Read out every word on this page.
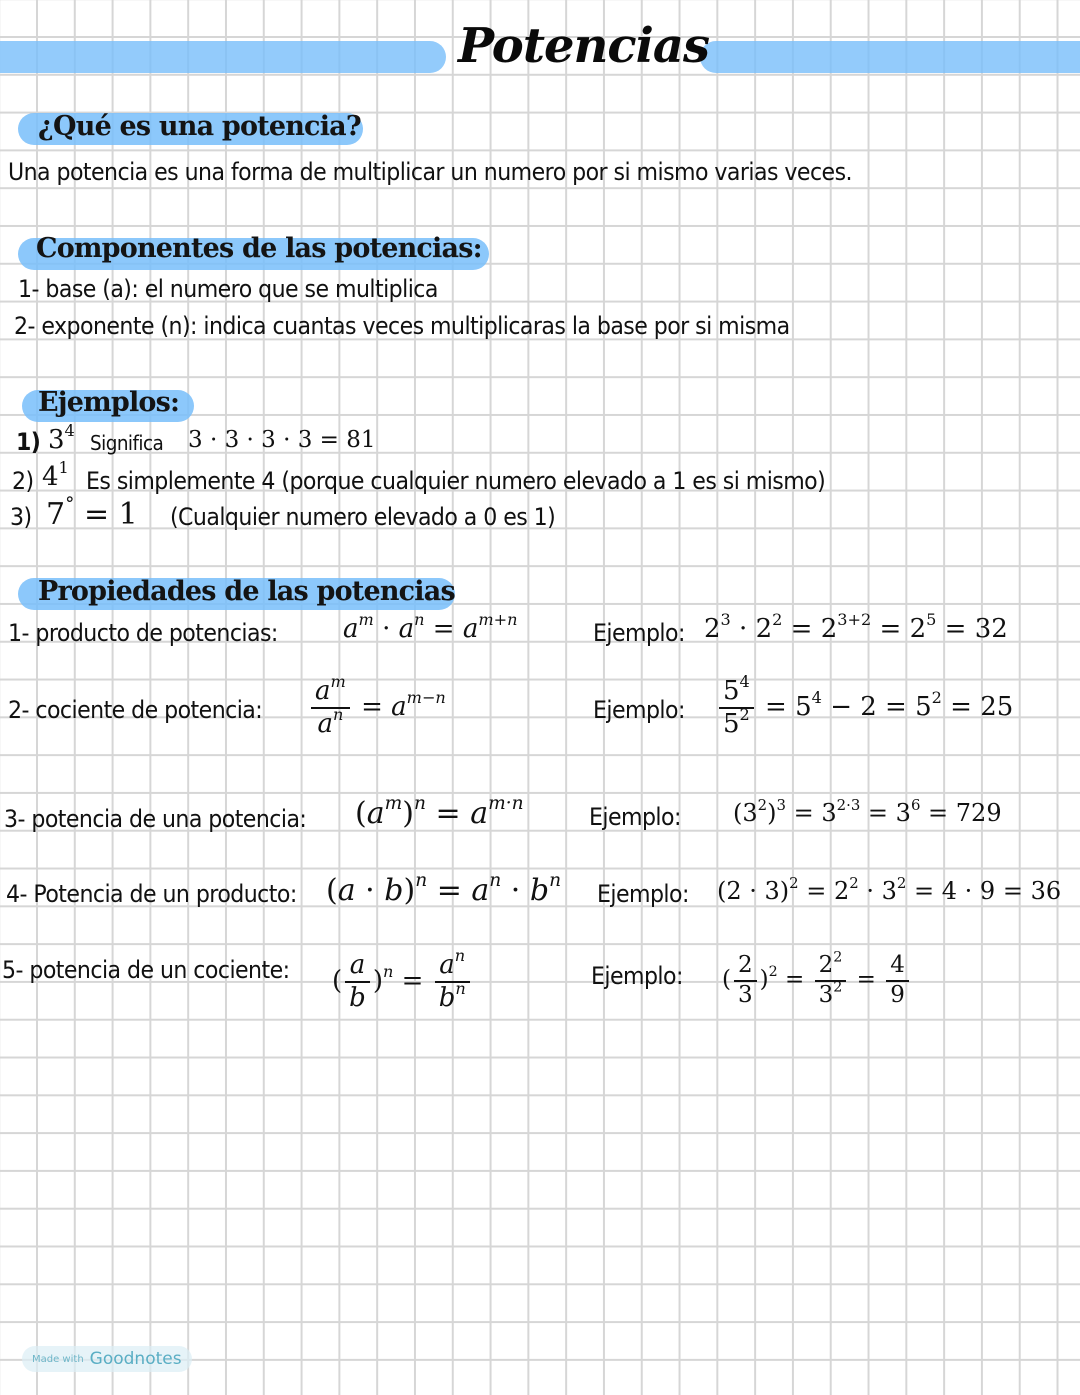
Potencias
¿Qué es una potencia?
Una potencia es una forma de multiplicar un numero por si mismo varias veces.
Componentes de las potencias:
1- base (a): el numero que se multiplica
2- exponente (n): indica cuantas veces multiplicaras la base por si misma
Ejemplos:
1) $3^4$
Significa 3 · 3 · 3 · 3 = 81
2) $4^1$ Es simplemente 4 (porque cualquier numero elevado a 1 es si mismo)
3) 7° = 1 (Cualquier numero elevado a 0 es 1)
Propiedades de las potencias
1- producto de potencias:	$a^m \cdot a^n = a^{m+n}$	Ejemplo: $2^3 \cdot 2^2 = 2^{3+2} = 2^5 = 32$
2- cociente de potencia: $\frac{a^m}{a^n} = a^{m-n}$	Ejemplo: $\frac{5^4}{5^2} = 5^4 - 2 = 5^2 = 25$
3- potencia de una potencia: $(a^m)^n = a^{m\cdot n}$	Ejemplo: $(3^2)^3 = 3^{2\cdot 3} = 3^6 = 729$
4- Potencia de un producto: $(a \cdot b)^n = a^n \cdot b^n$ Ejemplo: $(2 \cdot 3)^2 = 2^2 \cdot 3^2 = 4 \cdot 9 = 36$
5- potencia de un cociente: ( $\frac{a}{b} )^n = \frac{a^n}{b^n}$	Ejemplo: ( $\frac{2}{3} )^2 = \frac{2^2}{3^2} = \frac{4}{9}$
Made with Goodnotes
